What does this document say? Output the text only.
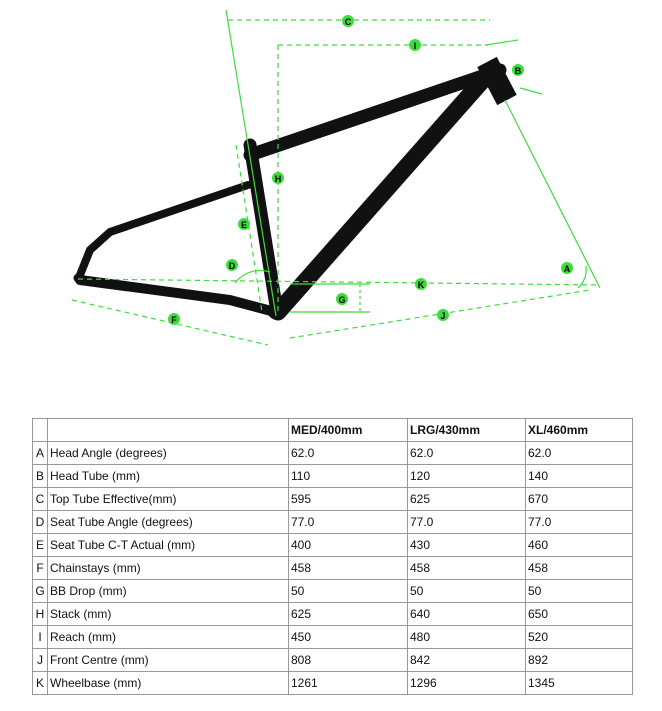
C
I
B
H
E
D	A
K
G
J
F
		MED/400mm	LRG/430mm	XL/460mm
A	Head Angle (degrees)	62.0	62.0	62.0
B	Head Tube (mm)	110	120	140
C	Top Tube Effective(mm)	595	625	670
D	Seat Tube Angle (degrees)	77.0	77.0	77.0
E	Seat Tube C-T Actual (mm)	400	430	460
F	Chainstays (mm)	458	458	458
G	BB Drop (mm)	50	50	50
H	Stack (mm)	625	640	650
I	Reach (mm)	450	480	520
J	Front Centre (mm)	808	842	892
K	Wheelbase (mm)	1261	1296	1345
